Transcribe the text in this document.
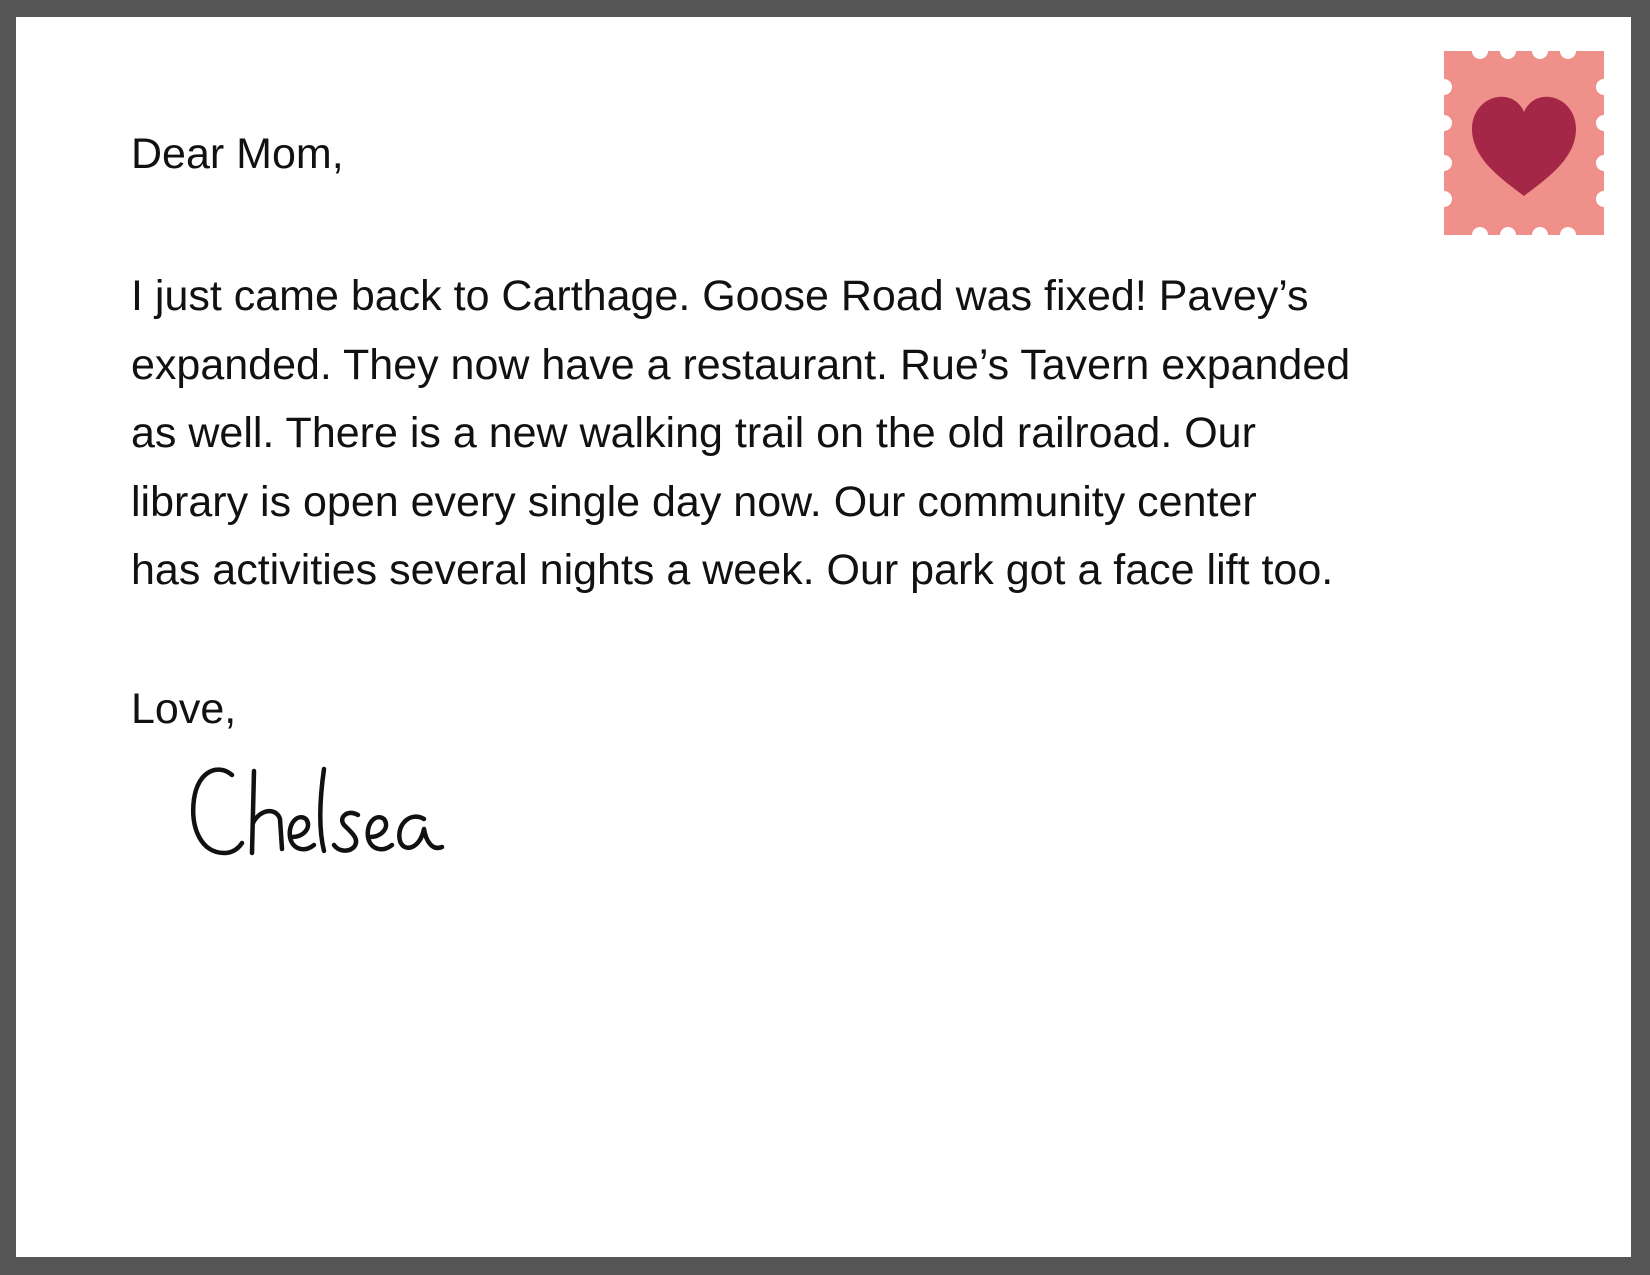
Dear Mom,
I just came back to Carthage. Goose Road was fixed! Pavey’s
expanded. They now have a restaurant. Rue’s Tavern expanded
as well. There is a new walking trail on the old railroad. Our
library is open every single day now. Our community center
has activities several nights a week. Our park got a face lift too.
Love,
